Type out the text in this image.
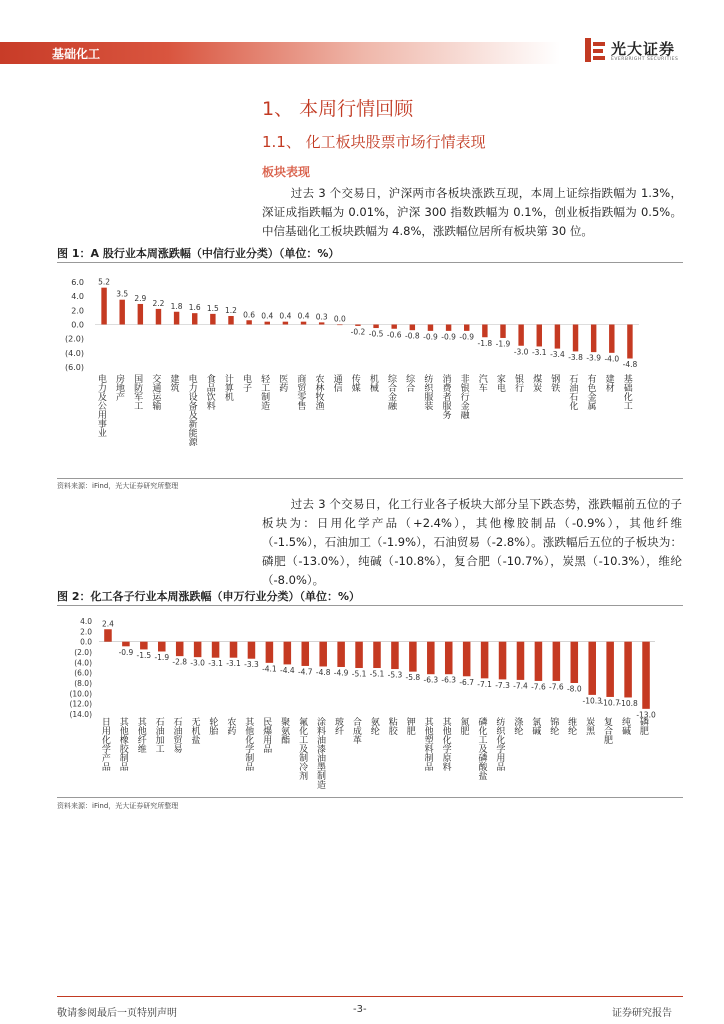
基础化工	光大证券
EVERBRIGHT SECURITIES
1、 本周行情回顾
1.1、 化工板块股票市场行情表现
板块表现

过去 3 个交易日，沪深两市各板块涨跌互现，本周上证综指跌幅为 1.3%，深证成指跌幅为 0.01%，沪深 300 指数跌幅为 0.1%，创业板指跌幅为 0.5%。中信基础化工板块跌幅为 4.8%，涨跌幅位居所有板块第 30 位。

图 1：A 股行业本周涨跌幅（中信行业分类）（单位：%）
6.0
4.0
2.0
0.0
(2.0)
(4.0)
(6.0)
5.2
电力及公用事业
3.5
房地产
2.9
国防军工
2.2
交通运输
1.8
建筑
1.6
电力设备及新能源
1.5
食品饮料
1.2
计算机
0.6
电子
0.4
轻工制造
0.4
医药
0.4
商贸零售
0.3
农林牧渔
0.0
通信
-0.2
传媒
-0.5
机械
-0.6
综合金融
-0.8
综合
-0.9
纺织服装
-0.9
消费者服务
-0.9
非银行金融
-1.8
汽车
-1.9
家电
-3.0
银行
-3.1
煤炭
-3.4
钢铁
-3.8
石油石化
-3.9
有色金属
-4.0
建材
-4.8
基础化工
资料来源：iFind，光大证券研究所整理

过去 3 个交易日，化工行业各子板块大部分呈下跌态势，涨跌幅前五位的子板块为：日用化学产品（+2.4%），其他橡胶制品（-0.9%），其他纤维（-1.5%），石油加工（-1.9%），石油贸易（-2.8%）。涨跌幅后五位的子板块为：磷肥（-13.0%），纯碱（-10.8%），复合肥（-10.7%），炭黑（-10.3%），维纶（-8.0%）。

图 2：化工各子行业本周涨跌幅（申万行业分类）（单位：%）
4.0
2.0
0.0
(2.0)
(4.0)
(6.0)
(8.0)
(10.0)
(12.0)
(14.0)
2.4
日用化学产品
-0.9
其他橡胶制品
-1.5
其他纤维
-1.9
石油加工
-2.8
石油贸易
-3.0
无机盐
-3.1
轮胎
-3.1
农药
-3.3
其他化学制品
-4.1
民爆用品
-4.4
聚氨酯
-4.7
氟化工及制冷剂
-4.8
涂料油漆油墨制造
-4.9
玻纤
-5.1
合成革
-5.1
氨纶
-5.3
粘胶
-5.8
钾肥
-6.3
其他塑料制品
-6.3
其他化学原料
-6.7
氮肥
-7.1
磷化工及磷酸盐
-7.3
纺织化学用品
-7.4
涤纶
-7.6
氯碱
-7.6
锦纶
-8.0
维纶
-10.3
炭黑
-10.7
复合肥
-10.8
纯碱
-13.0
磷肥
资料来源：iFind，光大证券研究所整理
敬请参阅最后一页特别声明	-3-	证券研究报告
